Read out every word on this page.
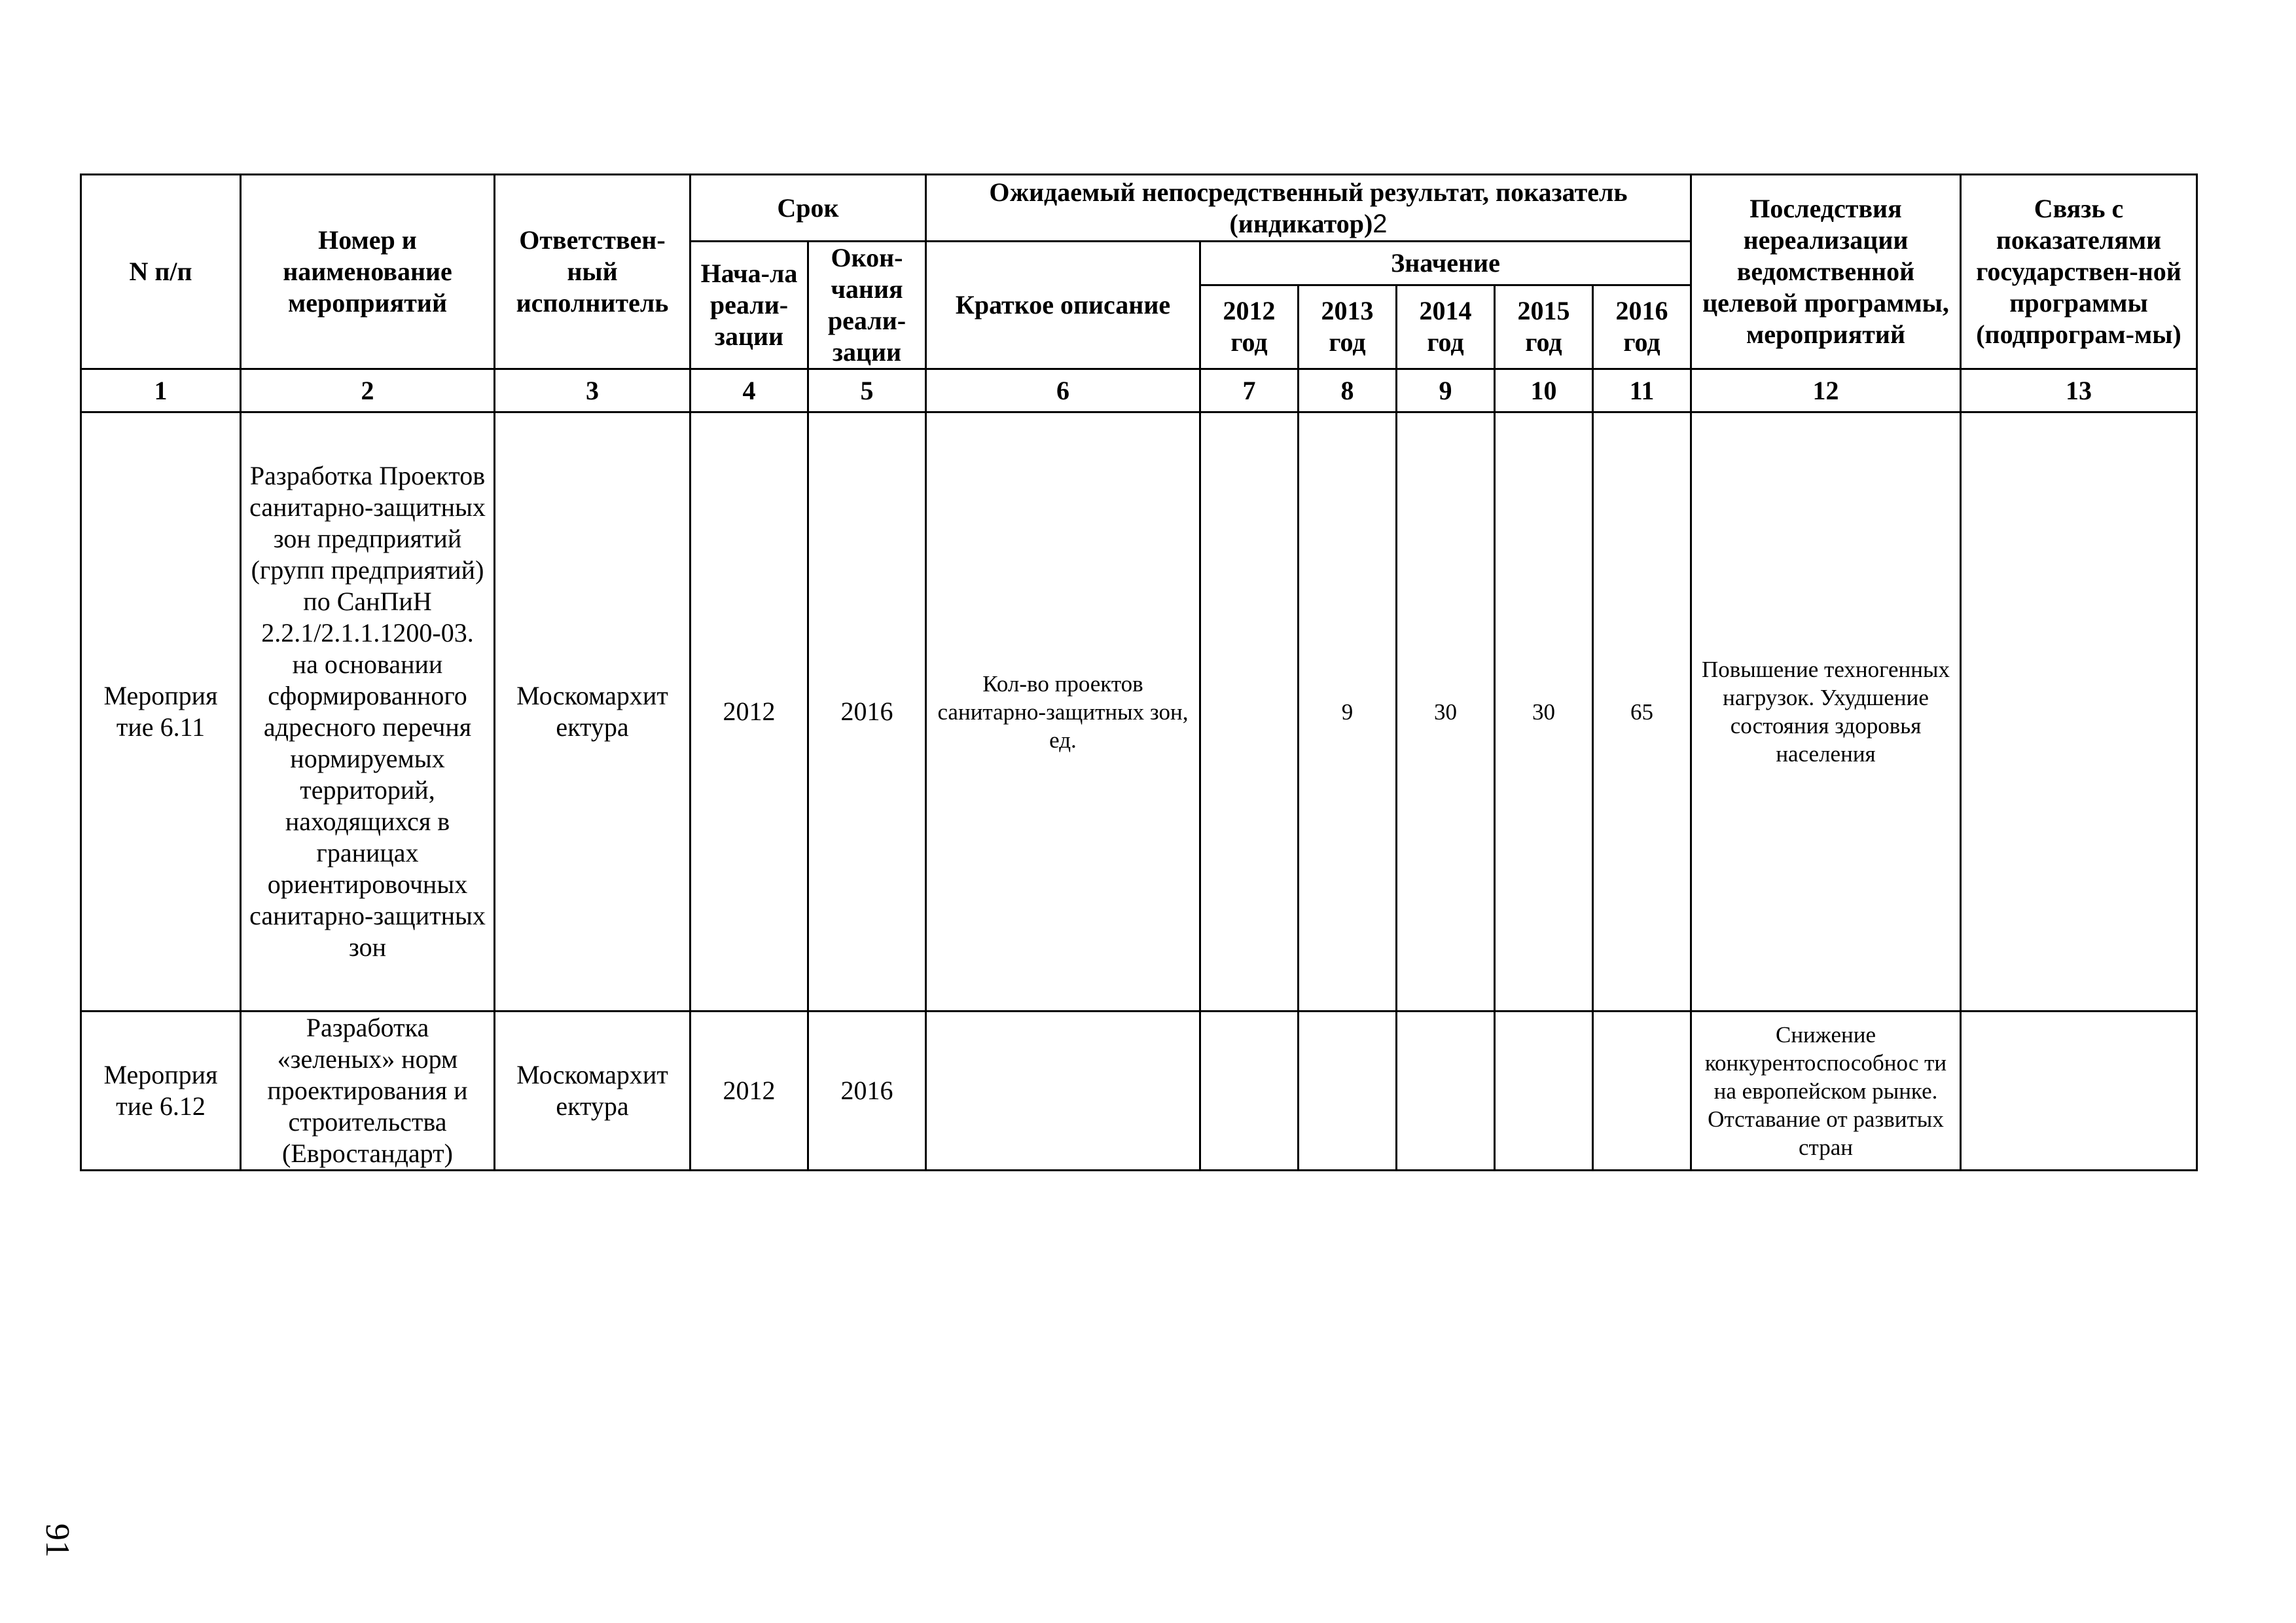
N п/п	Номер и наименование мероприятий	Ответствен-ный исполнитель	Срок		Ожидаемый непосредственный результат, показатель (индикатор)2						Последствия нереализации ведомственной целевой программы, мероприятий	Связь с показателями государствен-ной программы (подпрограм-мы)
			Нача-ла реали-зации	Окон-чания реали-зации	Краткое описание	Значение						
						2012 год	2013 год	2014 год	2015 год	2016 год		
1	2	3	4	5	6	7	8	9	10	11	12	13
Мероприя тие 6.11	Разработка Проектов санитарно-защитных зон предприятий (групп предприятий) по СанПиН 2.2.1/2.1.1.1200-03. на основании сформированного адресного перечня нормируемых территорий, находящихся в границах ориентировочных санитарно-защитных зон	Москомархит ектура	2012	2016	Кол-во проектов санитарно-защитных зон, ед.		9	30	30	65	Повышение техногенных нагрузок. Ухудшение состояния здоровья населения	
Мероприя тие 6.12	Разработка «зеленых» норм проектирования и строительства (Евростандарт)	Москомархит ектура	2012	2016							Снижение конкурентоспособнос ти на европейском рынке. Отставание от развитых стран	
91
